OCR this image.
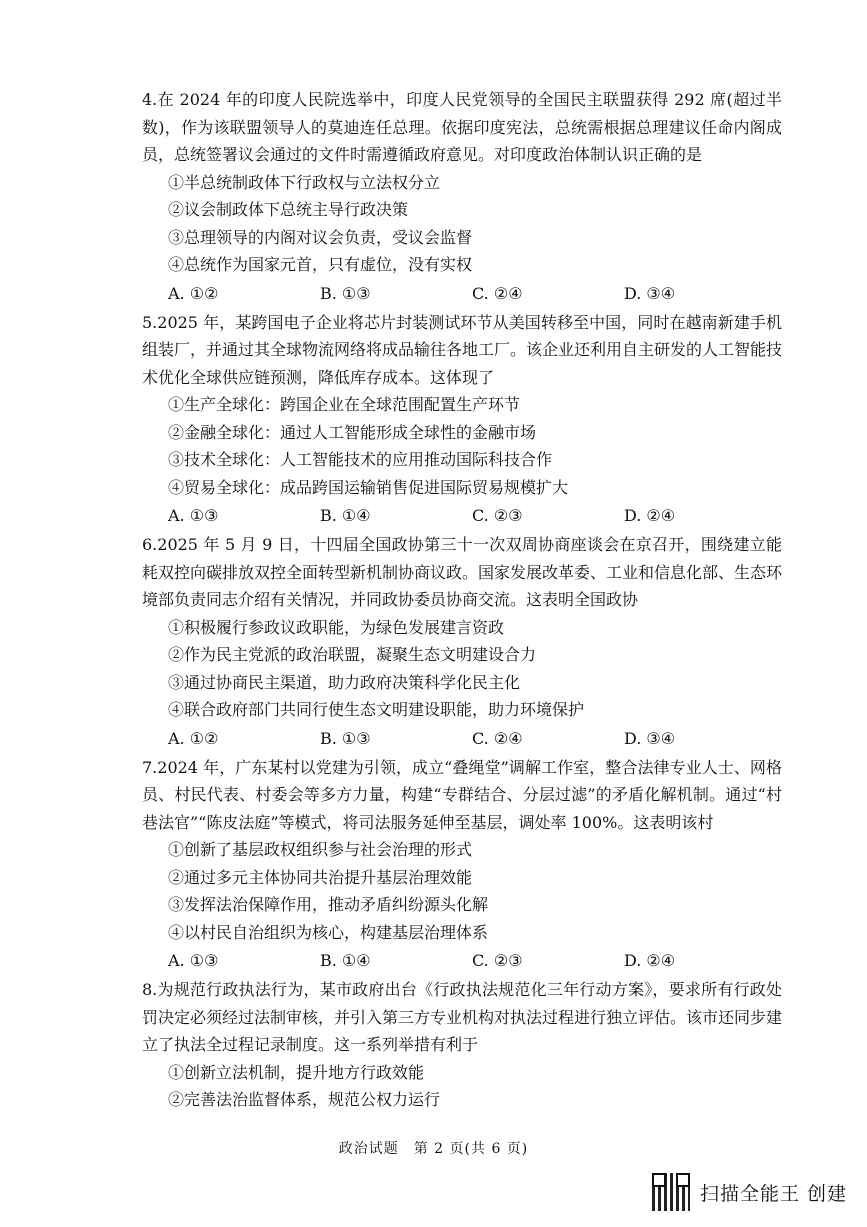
4.在 2024 年的印度人民院选举中，印度人民党领导的全国民主联盟获得 292 席(超过半数)，作为该联盟领导人的莫迪连任总理。依据印度宪法，总统需根据总理建议任命内阁成员，总统签署议会通过的文件时需遵循政府意见。对印度政治体制认识正确的是

①半总统制政体下行政权与立法权分立

②议会制政体下总统主导行政决策

③总理领导的内阁对议会负责，受议会监督

④总统作为国家元首，只有虚位，没有实权

A. ①②	B. ①③	C. ②④	D. ③④

5.2025 年，某跨国电子企业将芯片封装测试环节从美国转移至中国，同时在越南新建手机组装厂，并通过其全球物流网络将成品输往各地工厂。该企业还利用自主研发的人工智能技术优化全球供应链预测，降低库存成本。这体现了

①生产全球化：跨国企业在全球范围配置生产环节

②金融全球化：通过人工智能形成全球性的金融市场

③技术全球化：人工智能技术的应用推动国际科技合作

④贸易全球化：成品跨国运输销售促进国际贸易规模扩大

A. ①③	B. ①④	C. ②③	D. ②④

6.2025 年 5 月 9 日，十四届全国政协第三十一次双周协商座谈会在京召开，围绕建立能耗双控向碳排放双控全面转型新机制协商议政。国家发展改革委、工业和信息化部、生态环境部负责同志介绍有关情况，并同政协委员协商交流。这表明全国政协

①积极履行参政议政职能，为绿色发展建言资政

②作为民主党派的政治联盟，凝聚生态文明建设合力

③通过协商民主渠道，助力政府决策科学化民主化

④联合政府部门共同行使生态文明建设职能，助力环境保护

A. ①②	B. ①③	C. ②④	D. ③④

7.2024 年，广东某村以党建为引领，成立“叠绳堂”调解工作室，整合法律专业人士、网格员、村民代表、村委会等多方力量，构建“专群结合、分层过滤”的矛盾化解机制。通过“村巷法官”“陈皮法庭”等模式，将司法服务延伸至基层，调处率 100%。这表明该村

①创新了基层政权组织参与社会治理的形式

②通过多元主体协同共治提升基层治理效能

③发挥法治保障作用，推动矛盾纠纷源头化解

④以村民自治组织为核心，构建基层治理体系

A. ①③	B. ①④	C. ②③	D. ②④

8.为规范行政执法行为，某市政府出台《行政执法规范化三年行动方案》，要求所有行政处罚决定必须经过法制审核，并引入第三方专业机构对执法过程进行独立评估。该市还同步建立了执法全过程记录制度。这一系列举措有利于

①创新立法机制，提升地方行政效能

②完善法治监督体系，规范公权力运行

政治试题　第 2 页(共 6 页)
扫描全能王 创建
